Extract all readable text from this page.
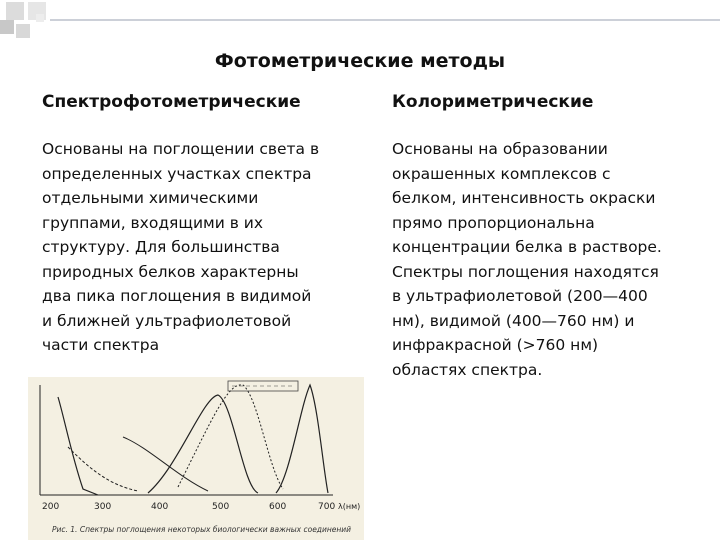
Фотометрические методы
Спектрофотометрические	Колориметрические
Основаны на поглощении света в
определенных участках спектра
отдельными химическими
группами, входящими в их
структуру. Для большинства
природных белков характерны
два пика поглощения в видимой
и ближней ультрафиолетовой
части спектра
Основаны на образовании
окрашенных комплексов с
белком, интенсивность окраски
прямо пропорциональна
концентрации белка в растворе.
Спектры поглощения находятся
в ультрафиолетовой (200—400
нм), видимой (400—760 нм) и
инфракрасной (>760 нм)
областях спектра.
200	300	400	500	600	700 λ(нм)
Рис. 1. Спектры поглощения некоторых биологически важных соединений
